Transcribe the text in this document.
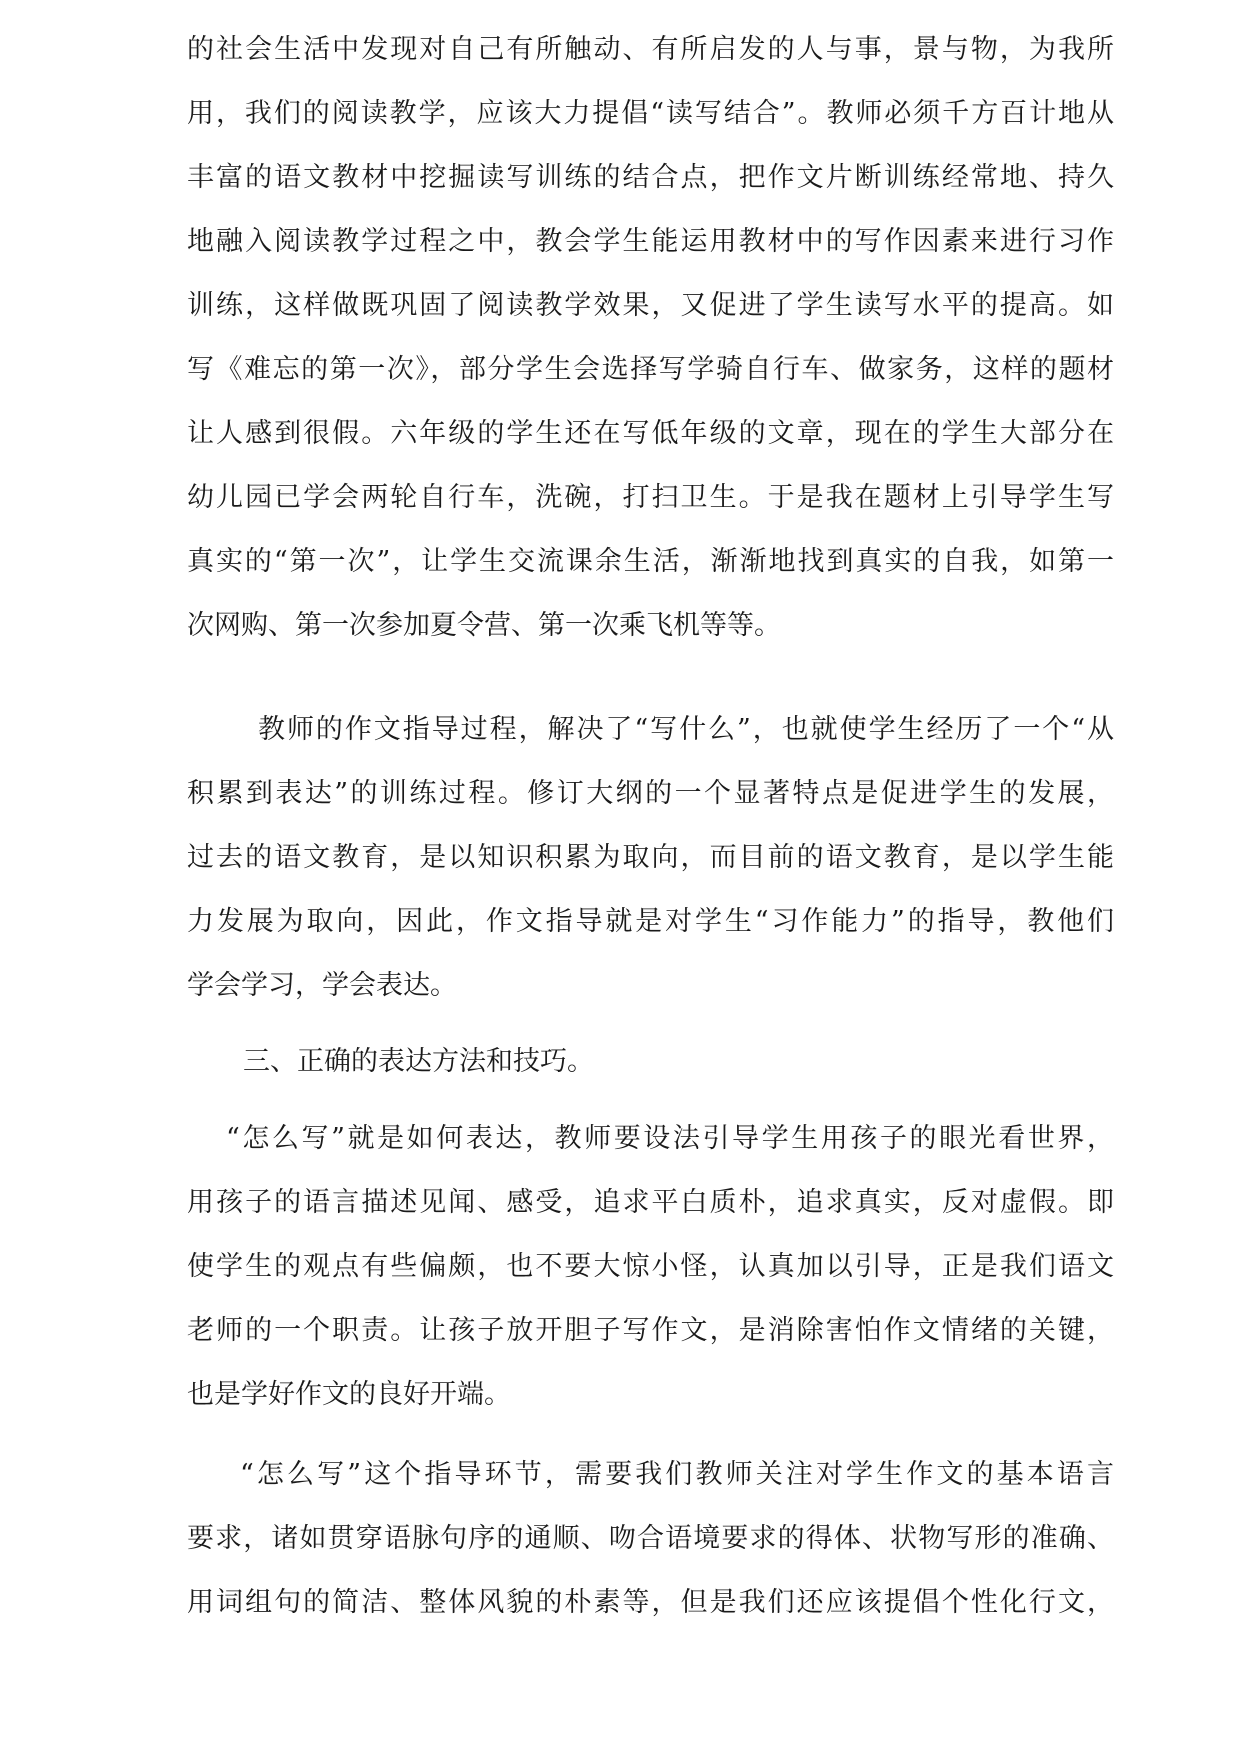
的社会生活中发现对自己有所触动、有所启发的人与事，景与物，为我所
用，我们的阅读教学，应该大力提倡“读写结合”。教师必须千方百计地从
丰富的语文教材中挖掘读写训练的结合点，把作文片断训练经常地、持久
地融入阅读教学过程之中，教会学生能运用教材中的写作因素来进行习作
训练，这样做既巩固了阅读教学效果，又促进了学生读写水平的提高。如
写《难忘的第一次》，部分学生会选择写学骑自行车、做家务，这样的题材
让人感到很假。六年级的学生还在写低年级的文章，现在的学生大部分在
幼儿园已学会两轮自行车，洗碗，打扫卫生。于是我在题材上引导学生写
真实的“第一次”，让学生交流课余生活，渐渐地找到真实的自我，如第一
次网购、第一次参加夏令营、第一次乘飞机等等。
教师的作文指导过程，解决了“写什么”，也就使学生经历了一个“从
积累到表达”的训练过程。修订大纲的一个显著特点是促进学生的发展，
过去的语文教育，是以知识积累为取向，而目前的语文教育，是以学生能
力发展为取向，因此，作文指导就是对学生“习作能力”的指导，教他们
学会学习，学会表达。
三、正确的表达方法和技巧。
“怎么写”就是如何表达，教师要设法引导学生用孩子的眼光看世界，
用孩子的语言描述见闻、感受，追求平白质朴，追求真实，反对虚假。即
使学生的观点有些偏颇，也不要大惊小怪，认真加以引导，正是我们语文
老师的一个职责。让孩子放开胆子写作文，是消除害怕作文情绪的关键，
也是学好作文的良好开端。
“怎么写”这个指导环节，需要我们教师关注对学生作文的基本语言
要求，诸如贯穿语脉句序的通顺、吻合语境要求的得体、状物写形的准确、
用词组句的简洁、整体风貌的朴素等，但是我们还应该提倡个性化行文，
